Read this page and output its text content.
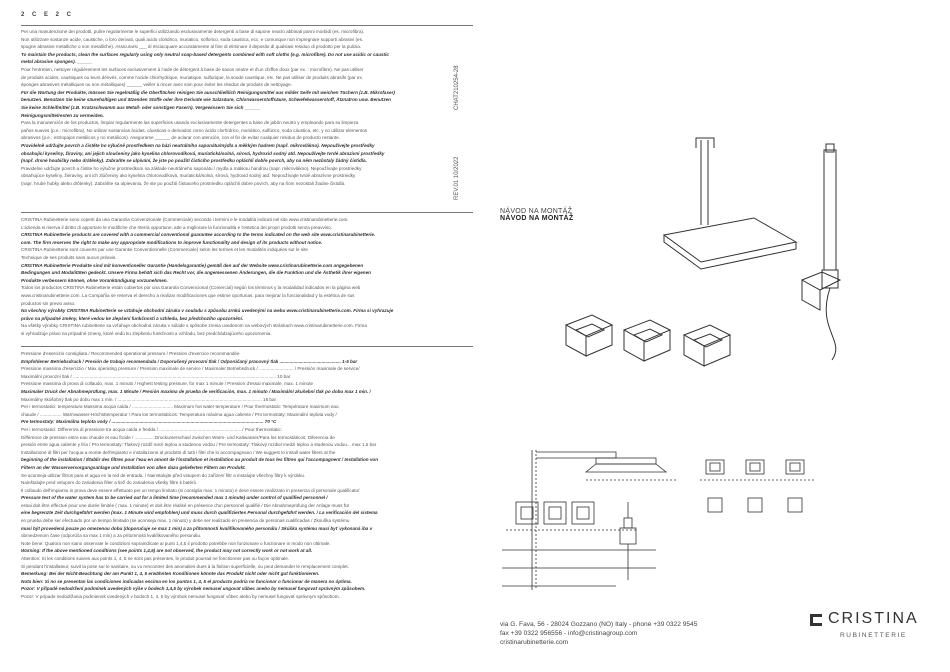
2 C E 2 C

Per una manutenzione dei prodotti, pulire regolarmente le superfici utilizzando esclusivamente detergenti a base di sapone neutro abbinati panni morbidi (es. microfibra).

Non utilizzare sostanze acide, caustiche, o loro derivati, quali acido cloridrico, muriatico, solforico, soda caustica, ecc. e comunque non impregnare supporti abrasivi (es.

spugne abrasive metalliche o non metalliche). Assicurarsi ___ di risciacquare accuratamente al fine di eliminare il deposito di qualsiasi residuo di prodotto per la pulizia.

To maintain the products, clean the surfaces regularly using only neutral soap-based detergents combined with soft cloths (e.g. microfibre). Do not use acidic or caustic

metal abrasive sponges). ______

Pour l'entretien, nettoyer régulièrement les surfaces exclusivement à l'aide de détergent à base de savon neutre et d'un chiffon doux (par ex. : microfibre). Ne pas utiliser

de produits acides, caustiques ou leurs dérivés, comme l'acide chlorhydrique, muriatique, sulfurique, la soude caustique, etc. Ne pas utiliser de produits abrasifs (par ex.

éponges abrasives métalliques ou non métalliques) ______ veiller à rincer avec soin pour éviter les résidus de produits de nettoyage.

Für die Wartung der Produkte, müssen Sie regelmäßig die Oberflächen reinigen Sie ausschließlich Reinigungsmittel aus milder Seife mit weichen Tüchern (z.B. Mikrofaser)

benutzen. Benutzen Sie keine säurehaltigen und ätzenden Stoffe oder ihre Derivate wie Salzsäure, Chlorwasserstoffsäure, Schwefelwasserstoff, Ätznatron usw. Benutzen

Sie keine Schleifmittel (z.B. Kratzschwamm aus Metall- oder sonstigen Fasern). Vergewissern Sie sich ______

Reinigungsmittelresten zu vermeiden.

Para la manutención de los productos, limpiar regularmente las superficies usando exclusivamente detergentes a base de jabón neutro y empleando para su limpieza

paños suaves (p.e.: microfibra). No utilizar sustancias ácidas, cáusticas o derivados como ácido clorhídrico, muriático, sulfúrico, soda cáustica, etc. y no utilizar elementos

abrasivos (p.e.: estropajos metálicos y no metálicos). Asegurarse ______ de aclarar con atención, con el fin de evitar cualquier residuo de producto restante.

Pravidelně udržujte povrch a čistěte ho výlučně prostředkem na bázi neutrálního saponátu/mýdla a měkkým hadrem (např. mikrovlákno). Nepoužívejte prostředky

obsahující kyseliny, žíraviny, ani jejich sloučeniny jako kyselina chlorovodíková, muriatická/solná, sírová, hydroxid sodný atd. Nepoužívejte tvrdé abrazivní prostředky

(např. drsné houbičky nebo drátěnky). Zabraňte se ulpívání, že jste po použití čisticího prostředku opláchli dobře povrch, aby na něm nezůstaly žádný čistidla.

Pravidelne udržujte povrch a čistite ho výlučne prostriedkom na základe neutrálneho saponátu / mydla a mäkkou handrou (napr. mikrovlákno). Nepoužívajte prostriedky

obsahujúce kyseliny, žieraviny, ani ich zlúčeniny ako kyselina chlorovodíková, muriatická/solná, sírová, hydroxid sodný atď. Nepoužívajte tvrdé abrazívne prostriedky

(napr. hrubé hubky alebo drôtenky). Zabráňte sa ulpievaniu, že ste po použití čistiaceho prostriedku opláchli dobre povrch, aby na ňom nezostali žiadne čistidlá.

CRISTINA Rubinetterie sono coperti da una Garanzia Convenzionale (Commerciale) secondo i termini e le modalità indicati nel sito www.cristinarubinetterie.com.

L'azienda si riserva il diritto di apportare le modifiche che riterrà opportune, atte a migliorare la funzionalità e l'estetica dei propri prodotti senza preavviso.

CRISTINA Rubinetterie products are covered with a commercial conventional guarantee according to the terms indicated on the web site www.cristinarubinetterie.

com. The firm reserves the right to make any appropriate modifications to improve functionality and design of its products without notice.

CRISTINA Rubinetterie sont couverts par une Garantie Conventionnelle (Commerciale) selon les termes et les modalités indiquées sur le site

Technique de ses produits sans aucun préavis.

CRISTINA Rubinetterie Produkte sind mit konventioneller Garantie (Handelsgarantie) gemäß den auf der Website www.cristinarubinetterie.com angegebenen

Bedingungen und Modalitäten gedeckt. Unsere Firma behält sich das Recht vor, die angemessenen Änderungen, die die Funktion und die Ästhetik ihrer eigenen

Produkte verbessern können, ohne Vorankündigung vorzunehmen.

Todos los productos CRISTINA Rubinetterie están cubiertos por una Garantía Convencional (Comercial) según los términos y la modalidad indicados en la página web

www.cristinarubinetterie.com. La Compañía se reserva el derecho a realizar modificaciones que estime oportunas, para mejorar la funcionalidad y la estética de sus

productos sin previo aviso.

Na všechny výrobky CRISTINA Rubinetterie se vztahuje obchodní záruka v souladu s způsobu zrnkú uvedenými na webu www.cristinarubinetterie.com. Firma si vyhrazuje

právo na případné změny, které vedou ke zlepšení funkčnosti a vzhledu, bez předchozího upozornění.

Na všetky výrobky CRISTINA rubinetterie sa vzťahuje obchodná záruka v súlade s spôsobe zrenia uvedenom na webových stránkach www.cristinarubinetterie.com. Firma

si vyhradzuje právo na prípadné zmeny, ktoré vedú ku zlepšeniu funkčnosti a vzhľadu, bez predchádzajúceho upozornenia.

Pressione d'esercizio consigliata / Recommended operational pressure / Pression d'exercice recommandée

Empfohlener Betriebsdruck / Presión de trabajo recomendada / Doporučený provozní tlak / Odporúčaný pracovný tlak ................................................ 1-5 bar

Pressione massima d'esercizio / Max operating pressure / Pression maximale de service / Maximaler Betriebsdruck / ........................... / Pressión maximale de service/

Maximální provozní tlak / ............................................................................................................................................................... 10 bar

Pressione massima di prova di collaudo, max. 1 minuto / Highest testing pressure, for max 1 minute / Pression d'essai maximale, max. 1 minute

Maximaler Druck der Abnahmeprüfung, max. 1 Minute / Presión maxima de prueba de verificación, max. 1 minuto / Maximální zkušební tlak po dobu max 1 min. /

Maximálny skúšobný tlak po dobu max 1 min. / ................................................................................................................. 16 bar

Per i termostatici: temperatura Massima acqua calda / ................................ Maximum hot water temperature / Pour thermostatic: Température maximum eau

chaude / ................. Warmwasser-Höchsttemperatur / Para los termostáticos: Temperatura máxima agua caliente / Pro termostaty: Maximální teplota vody /

Pre termostaty: Maximálna teplota vody / ....................................................................................................................... 70 °C

Per i termostatici: Differenza di pressione tra acqua calda e fredda / ................................................................ / Pour thermostatic:

Différence de pression entre eau chaude et eau froide / ............... Druckunterschied zwischen Warm- und Kaltwasser/Para los termostáticos: Diferencia de

presión entre agua caliente y fría / Pro termostaty: Tlakový rozdíl mezi teplou a studenou vodou / Pre termostaty: Tlakový rozdiel medzi teplou a studenou vodou... max 1,5 bar

Installazione di filtri per l'acqua a monte dell'impianto e installazione al prodotto di tutti i filtri che lo accompagnano / We suggest to install water filters at the

beginning of the installation / Établir des filtres pour l'eau en amont de l'installation et installation au produit de tous les filtres qui l'accompagnent / Installation von

Filtern an der Wasserversorgungsanlage und Installation von allen dazu gelieferten Filtern am Produkt.

Se aconseja utilizar filtros para el agua en la red de entrada. / Nainstalujte před vstupem do zařízení filtr a instalujte všechny filtry k výrobku.

Nainštalujte pred vstupom do zariadenia filter a tiež do zariadenia všetky filtre k batérii.

Il collaudo dell'impianto in prova deve essere effettuato per un tempo limitato (si consiglia max. 1 minuto) e deve essere realizzato in presenza di personale qualificato/

Pressure test of the water system has to be carried out for a limited time (recommended max 1 minute) under control of qualified personnel /

essai doit être effectué pour une durée limitée ( max. 1 minute) et doit être réalisé en présence d'un personnel qualifié / Die Abnahmeprüfung der Anlage muss für

eine begrenzte Zeit durchgeführt werden (max. 1 Minute wird empfohlen) und muss durch qualifiziertes Personal durchgeführt werden. / La verificación del sistema

en prueba debe ser efectuado por un tiempo limitado (se aconseja max. 1 minuto) y debe ser realizado en presencia de personas cualificadas / Zkouška systému

musí být provedená pouze po omezenou dobu (doporučuje se max 1 min) a za přítomnosti kvalifikovaného personálu / Skúška systému musí byť vykonaná iba v

obmedzenom čase (odporúča sa max 1 min) a za prítomnosti kvalifikovaného personálu.

Note bene: Qualora non siano osservate le condizioni sopraindicate ai punti 1,4,5 il prodotto potrebbe non funzionare o funzionare in modo non ottimale.

Warning: If the above mentioned conditions (see points 1,4,5) are not observed, the product may not correctly work or not work at all.

Attention: Si les conditions suivies aux points 1, 4, 5 ne sont pas présentes, le produit pourrait ne fonctionner pas ou façon optimale.

Si pendant l'installateur, suivit la pose sur le sanitaire, ou vu rencontrer des anomalies dues à la finition superficielle, ou peut demander le remplacement complet.

Bemerkung: Bei der Nicht-Beachtung der am Punkt 1, 4, 5 erwähnten Konditionen könnte das Produkt nicht oder nicht gut funktionieren.

Nota bien: Si no se presentan las condiciones indicadas encima en los puntos 1, 4, 5 el producto podría no funcionar o funcionar de manera no óptima.

Pozor: V případě nedodržení podmínek uvedených výše v bodech 1,4,5 by výrobek nemusel ungovat vůbec anebo by nemusel fungovat správným způsobem.

Pozor: V prípade nedodržania podmienok uvedených v bodoch 1, 4, 5 by výrobok nemusel fungovať vôbec alebo by nemusel fungovať správnym spôsobom.

REV.01 10/2022
CHAT210254-28
NÁVOD NA MONTÁŽ
NÁVOD NA MONTÁŽ
via G. Fava, 56 - 28024 Gozzano (NO) Italy - phone +39 0322 9545
fax +39 0322 956556 - info@cristinagroup.com
cristinarubinetterie.com
CRISTINA
RUBINETTERIE
